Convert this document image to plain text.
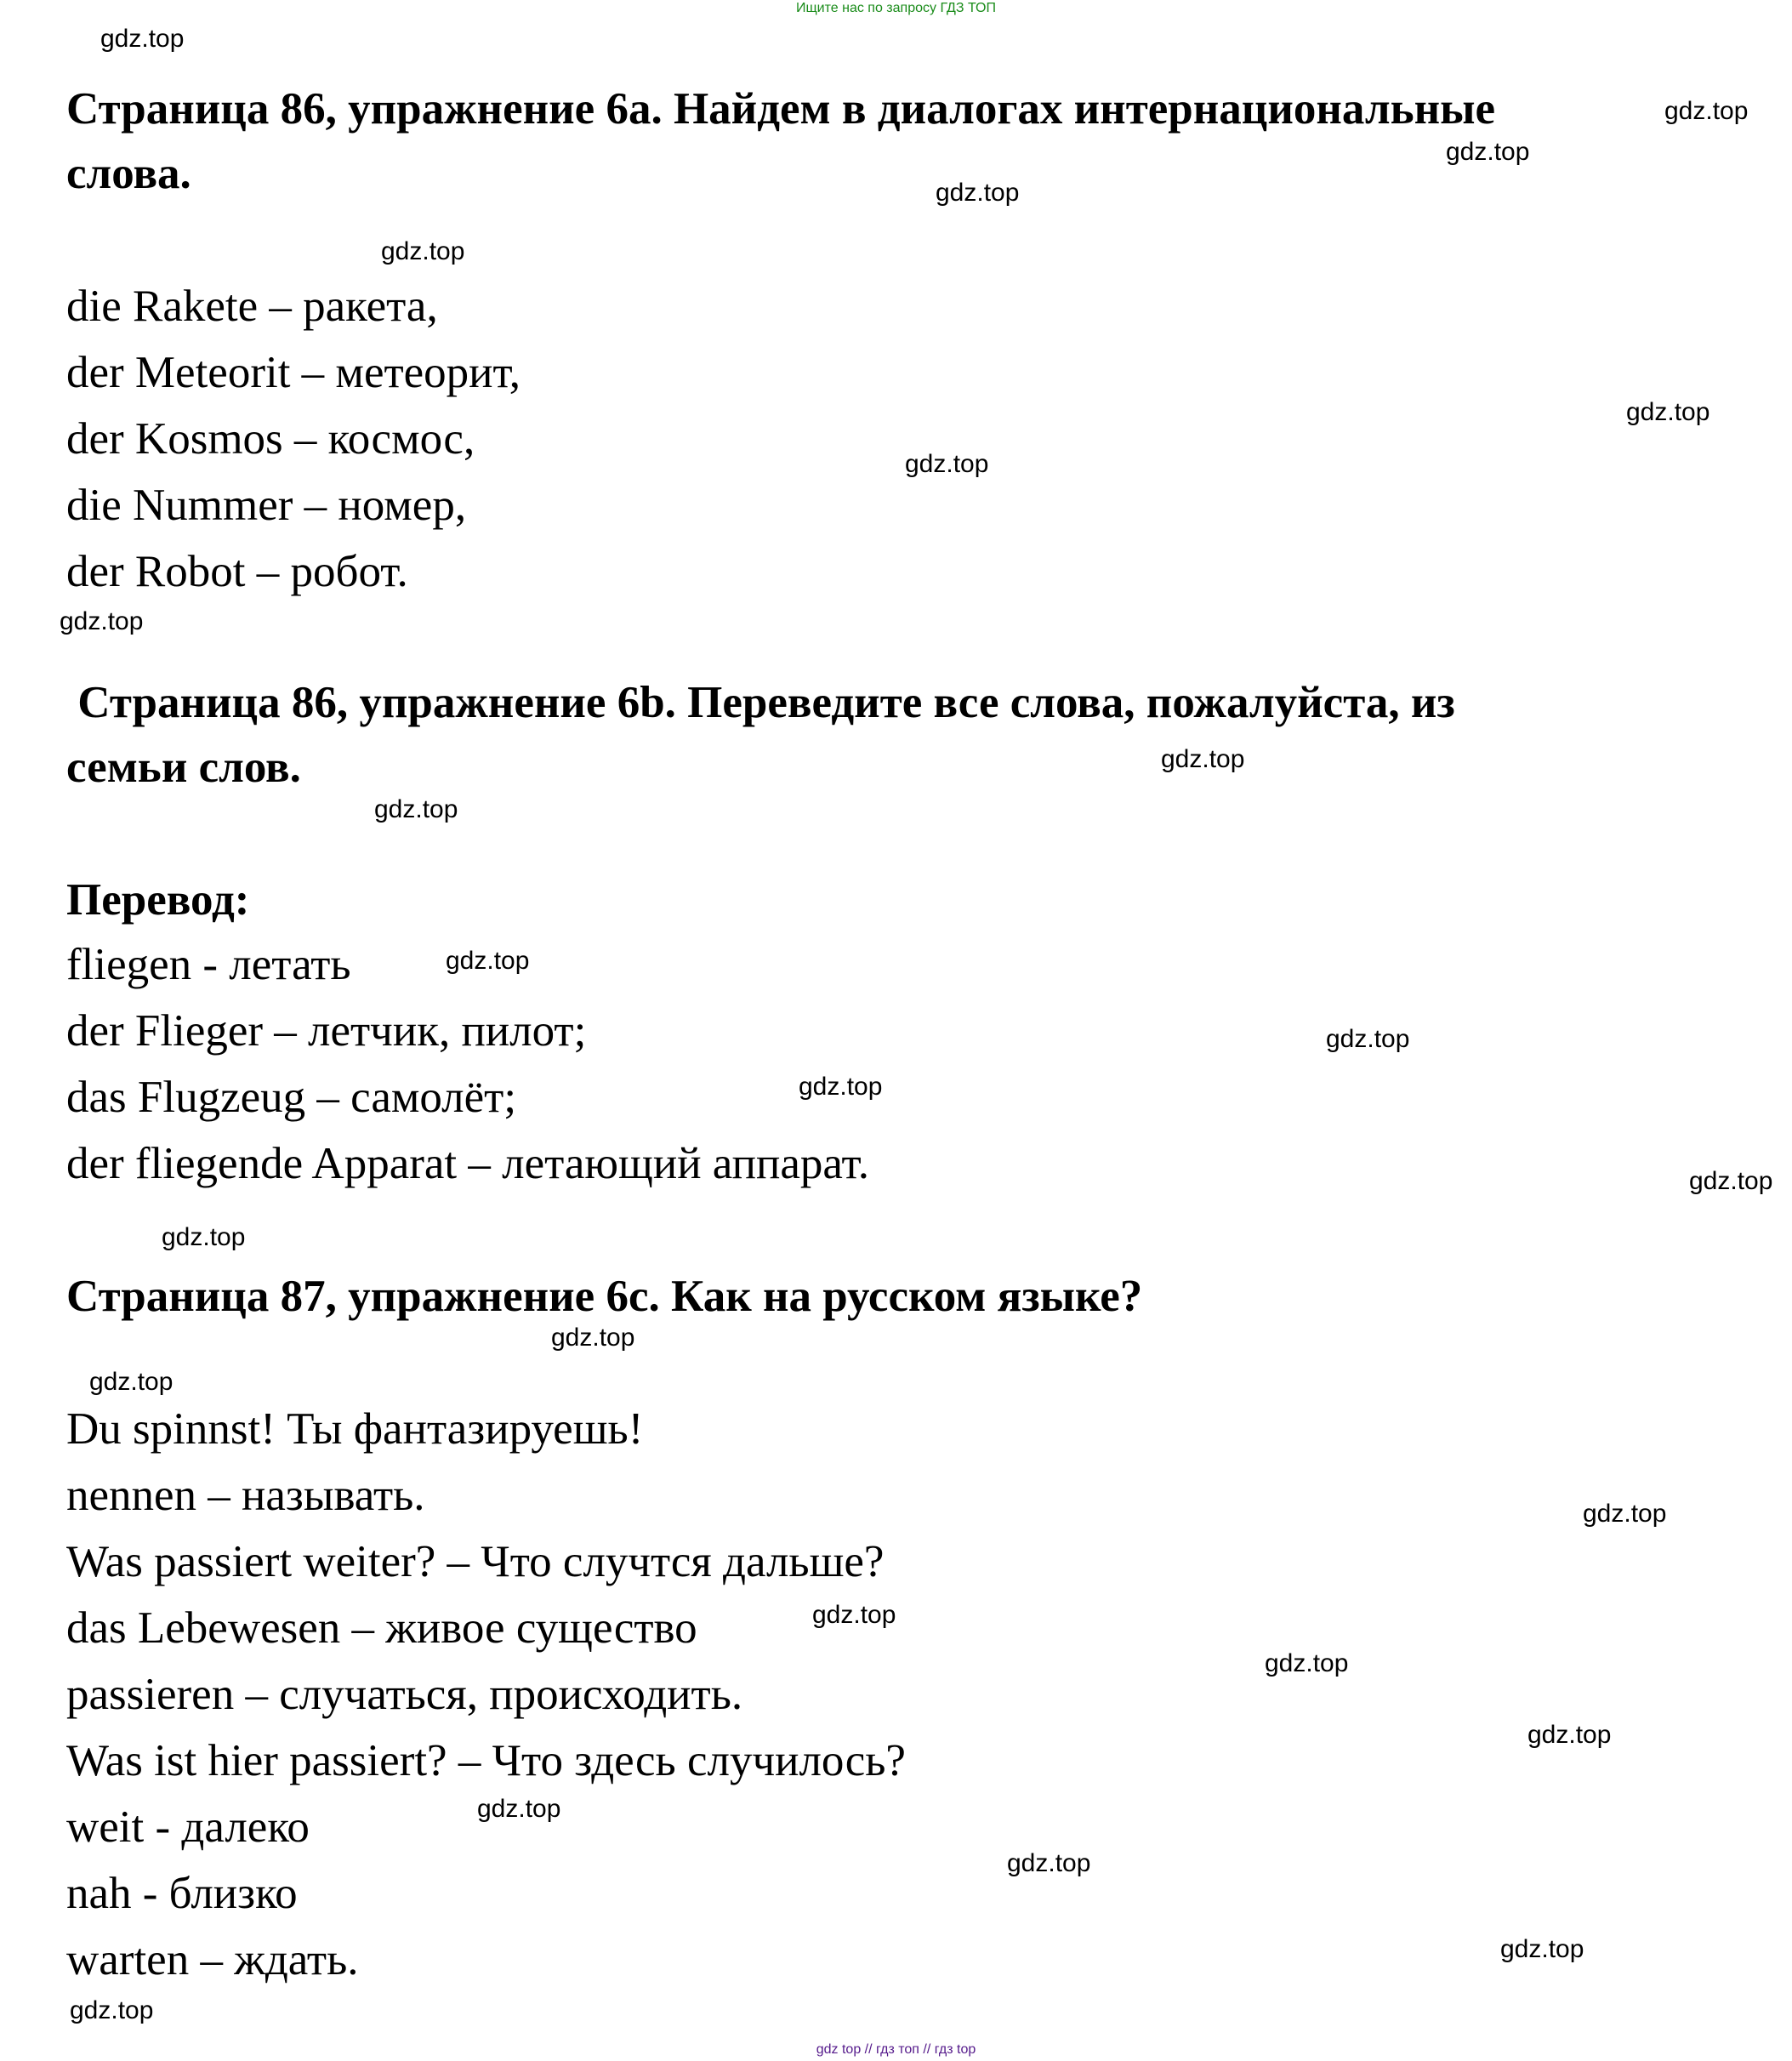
Ищите нас по запросу ГДЗ ТОП
Страница 86, упражнение 6а. Найдем в диалогах интернациональные
слова.
die Rakete – ракета,
der Meteorit – метеорит,
der Kosmos – космос,
die Nummer – номер,
der Robot – робот.
Страница 86, упражнение 6b. Переведите все слова, пожалуйста, из
семьи слов.
Перевод:
fliegen - летать
der Flieger – летчик, пилот;
das Flugzeug – самолёт;
der fliegende Apparat – летающий аппарат.
Страница 87, упражнение 6с. Как на русском языке?
Du spinnst! Ты фантазируешь!
nennen – называть.
Was passiert weiter? – Что случтся дальше?
das Lebewesen – живое существо
passieren – случаться, происходить.
Was ist hier passiert? – Что здесь случилось?
weit - далеко
nah - близко
warten – ждать.
gdz.top
gdz.top
gdz.top
gdz.top
gdz.top
gdz.top
gdz.top
gdz.top
gdz.top
gdz.top
gdz.top
gdz.top
gdz.top
gdz.top
gdz.top
gdz.top
gdz.top
gdz.top
gdz.top
gdz.top
gdz.top
gdz.top
gdz.top
gdz.top
gdz.top
gdz top // гдз топ // гдз top
